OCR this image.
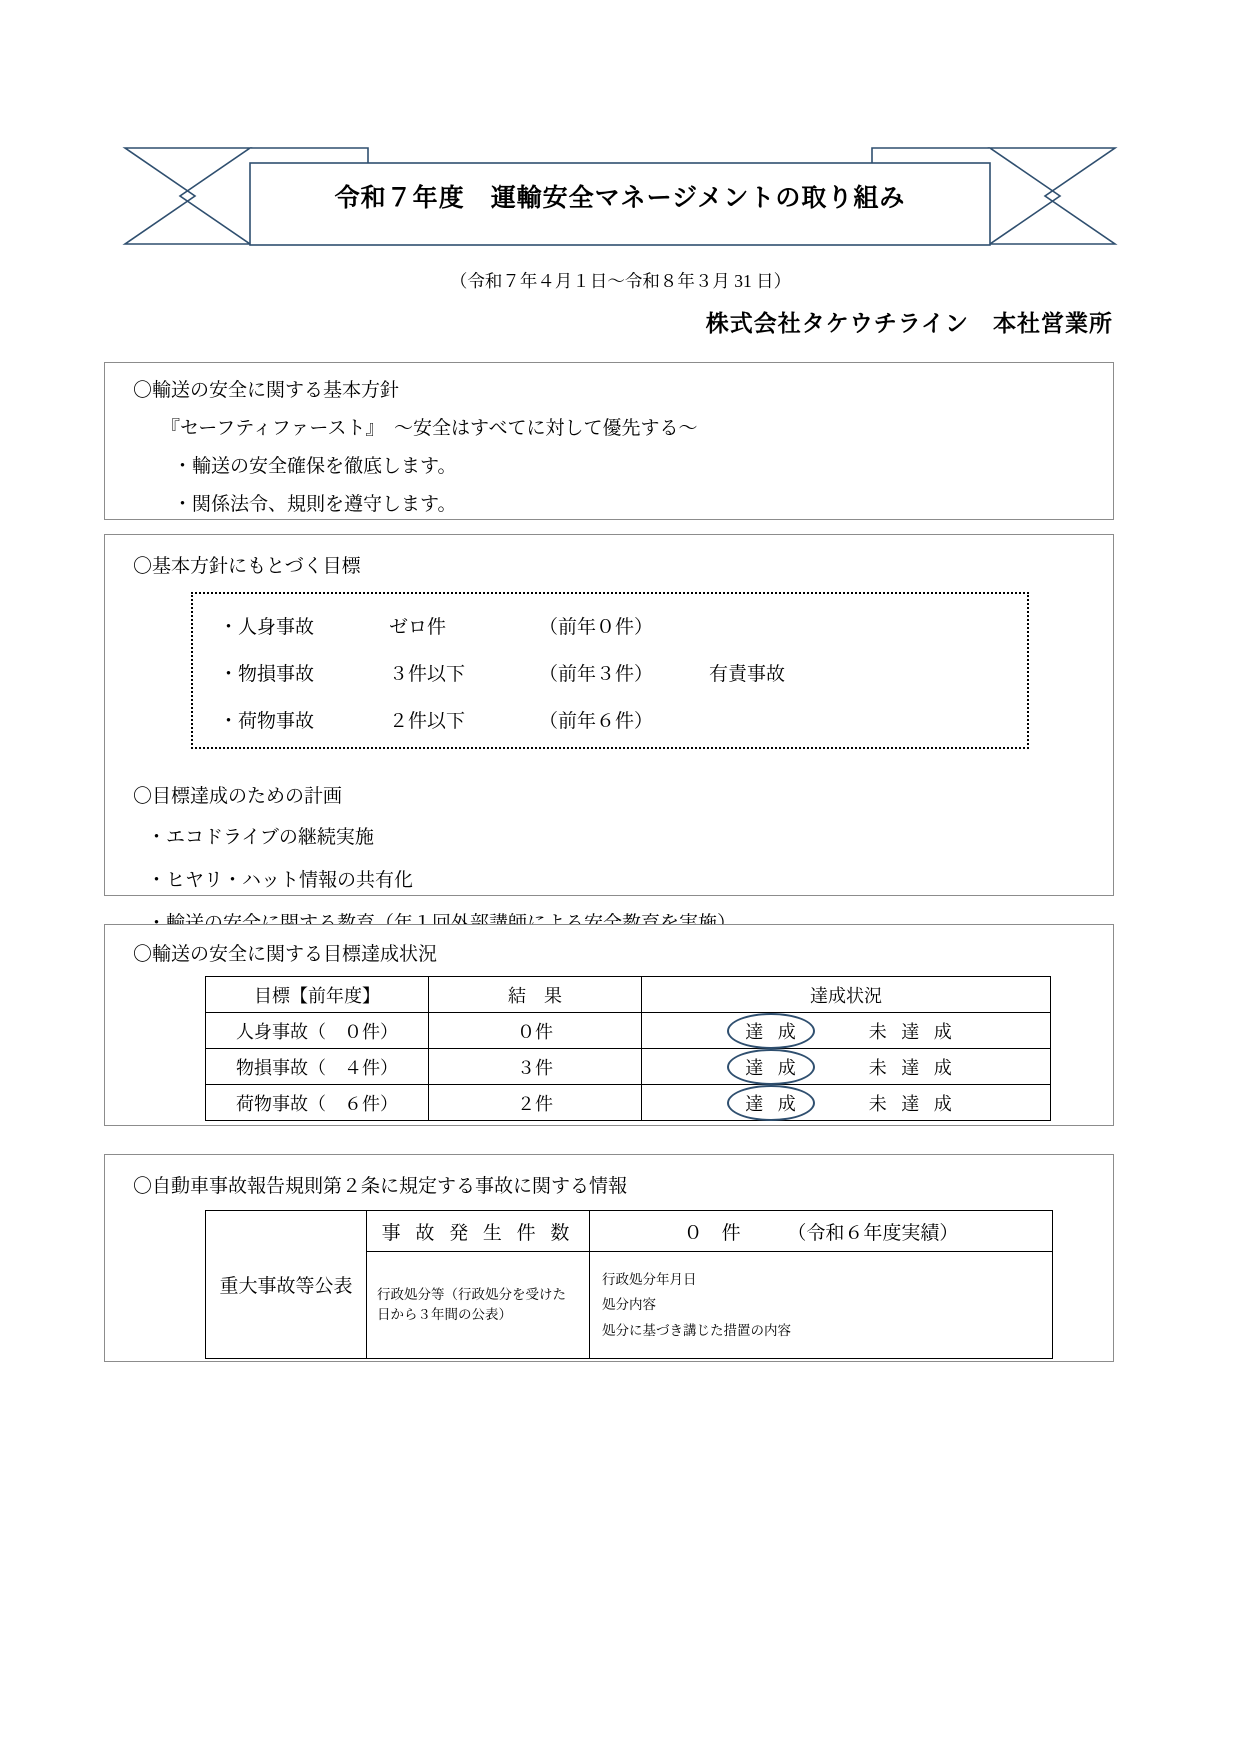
令和７年度　運輸安全マネージメントの取り組み
（令和７年４月１日〜令和８年３月 31 日）
株式会社タケウチライン　本社営業所
〇輸送の安全に関する基本方針
『セーフティファースト』　〜安全はすべてに対して優先する〜
・輸送の安全確保を徹底します。
・関係法令、規則を遵守します。
〇基本方針にもとづく目標
・人身事故	ゼロ件	（前年０件）
・物損事故	３件以下	（前年３件）	有責事故
・荷物事故	２件以下	（前年６件）
〇目標達成のための計画
・エコドライブの継続実施
・ヒヤリ・ハット情報の共有化
〇輸送の安全に関する目標達成状況
目標【前年度】	結　果	達成状況
人身事故（　０件）	０件	達 成 未 達 成

物損事故（　４件）	３件	達 成 未 達 成

荷物事故（　６件）	２件	達 成 未 達 成
〇自動車事故報告規則第２条に規定する事故に関する情報
重大事故等公表	事 故 発 生 件 数	０　件 （令和６年度実績）

	行政処分等（行政処分を受けた日から３年間の公表）	行政処分年月日
処分内容
処分に基づき講じた措置の内容
